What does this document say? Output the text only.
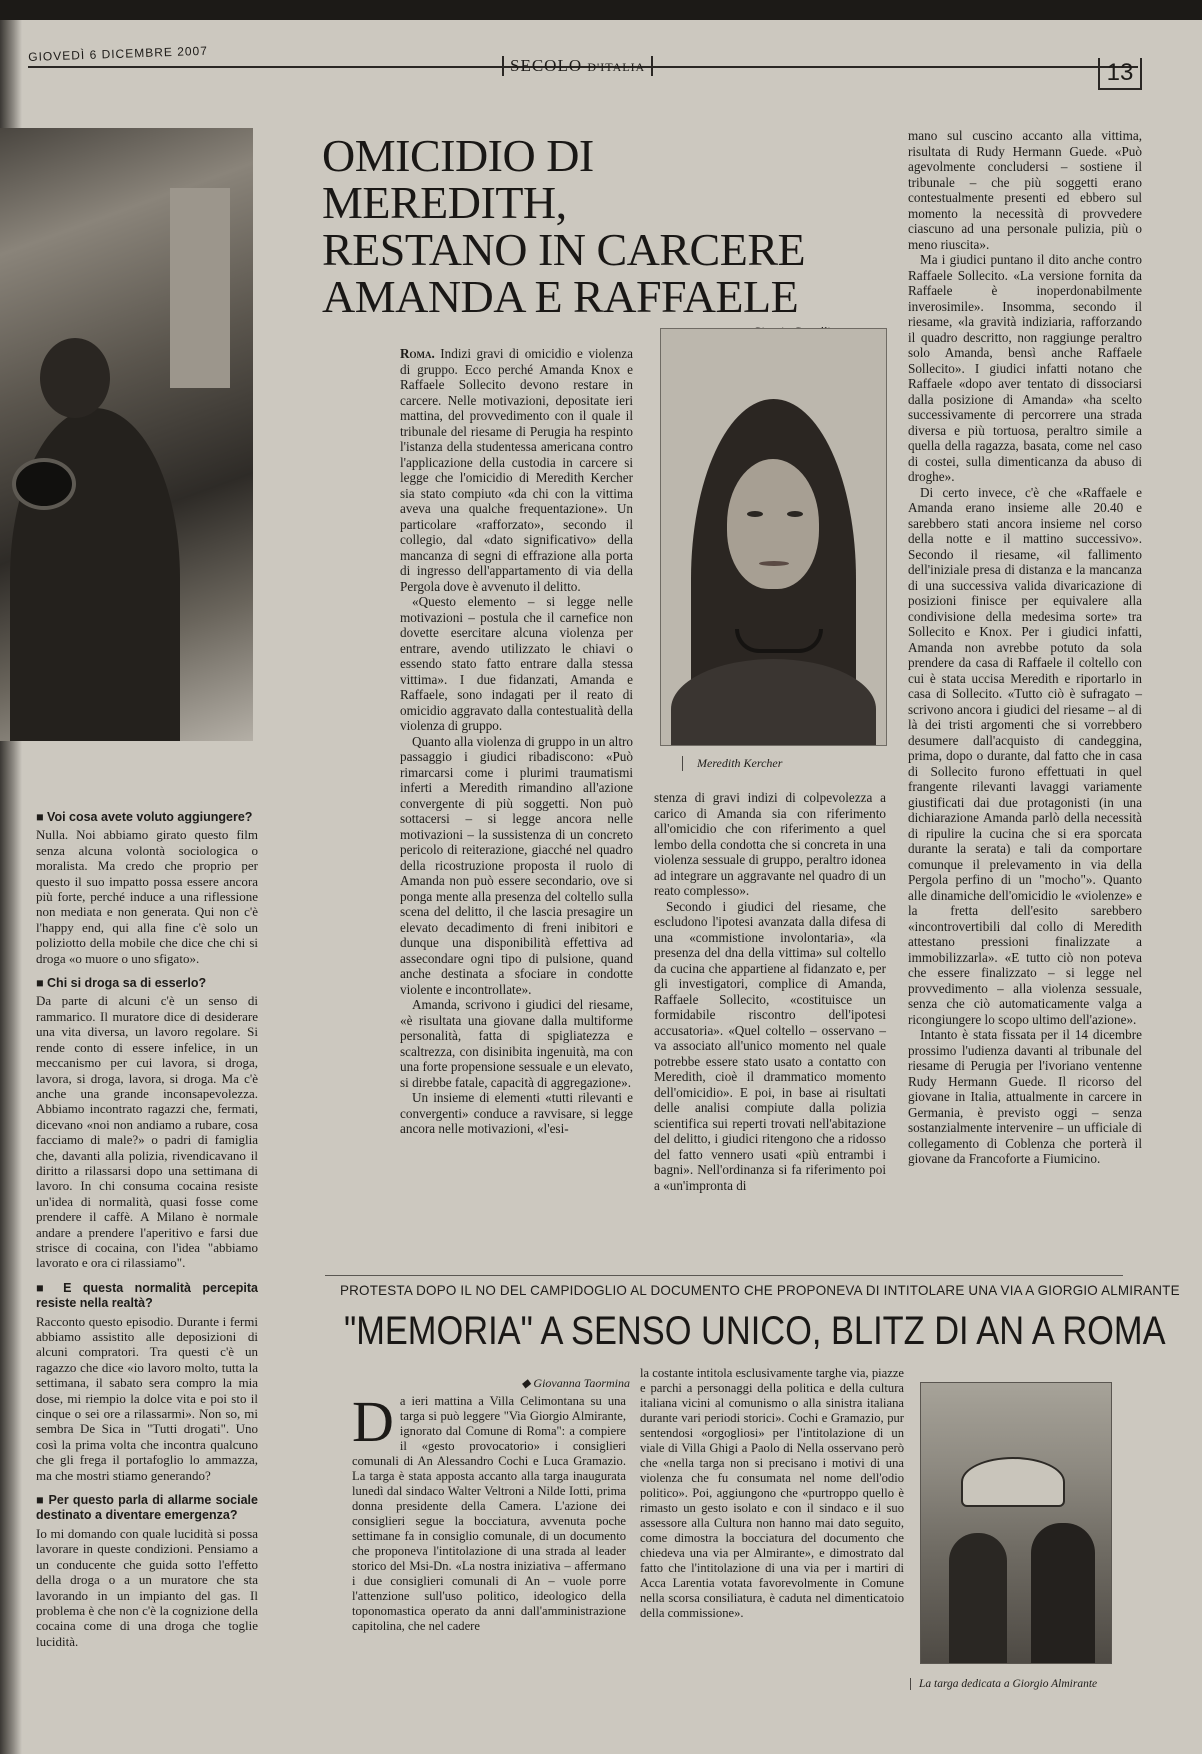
GIOVEDÌ 6 DICEMBRE 2007
SECOLO D'ITALIA	13
■ Voi cosa avete voluto aggiungere?

Nulla. Noi abbiamo girato questo film senza alcuna volontà sociologica o moralista. Ma credo che proprio per questo il suo impatto possa essere ancora più forte, perché induce a una riflessione non mediata e non generata. Qui non c'è l'happy end, qui alla fine c'è solo un poliziotto della mobile che dice che chi si droga «o muore o uno sfigato».

■ Chi si droga sa di esserlo?

Da parte di alcuni c'è un senso di rammarico. Il muratore dice di desiderare una vita diversa, un lavoro regolare. Si rende conto di essere infelice, in un meccanismo per cui lavora, si droga, lavora, si droga, lavora, si droga. Ma c'è anche una grande inconsapevolezza. Abbiamo incontrato ragazzi che, fermati, dicevano «noi non andiamo a rubare, cosa facciamo di male?» o padri di famiglia che, davanti alla polizia, rivendicavano il diritto a rilassarsi dopo una settimana di lavoro. In chi consuma cocaina resiste un'idea di normalità, quasi fosse come prendere il caffè. A Milano è normale andare a prendere l'aperitivo e farsi due strisce di cocaina, con l'idea "abbiamo lavorato e ora ci rilassiamo".

■ E questa normalità percepita resiste nella realtà?

Racconto questo episodio. Durante i fermi abbiamo assistito alle deposizioni di alcuni compratori. Tra questi c'è un ragazzo che dice «io lavoro molto, tutta la settimana, il sabato sera compro la mia dose, mi riempio la dolce vita e poi sto il cinque o sei ore a rilassarmi». Non so, mi sembra De Sica in "Tutti drogati". Uno così la prima volta che incontra qualcuno che gli frega il portafoglio lo ammazza, ma che mostri stiamo generando?

■ Per questo parla di allarme sociale destinato a diventare emergenza?

Io mi domando con quale lucidità si possa lavorare in queste condizioni. Pensiamo a un conducente che guida sotto l'effetto della droga o a un muratore che sta lavorando in un impianto del gas. Il problema è che non c'è la cognizione della cocaina come di una droga che toglie lucidità.

OMICIDIO DI MEREDITH,
RESTANO IN CARCERE
AMANDA E RAFFAELE

Roma. Indizi gravi di omicidio e violenza di gruppo. Ecco perché Amanda Knox e Raffaele Sollecito devono restare in carcere. Nelle motivazioni, depositate ieri mattina, del provvedimento con il quale il tribunale del riesame di Perugia ha respinto l'istanza della studentessa americana contro l'applicazione della custodia in carcere si legge che l'omicidio di Meredith Kercher sia stato compiuto «da chi con la vittima aveva una qualche frequentazione». Un particolare «rafforzato», secondo il collegio, dal «dato significativo» della mancanza di segni di effrazione alla porta di ingresso dell'appartamento di via della Pergola dove è avvenuto il delitto.

«Questo elemento – si legge nelle motivazioni – postula che il carnefice non dovette esercitare alcuna violenza per entrare, avendo utilizzato le chiavi o essendo stato fatto entrare dalla stessa vittima». I due fidanzati, Amanda e Raffaele, sono indagati per il reato di omicidio aggravato dalla contestualità della violenza di gruppo.

Quanto alla violenza di gruppo in un altro passaggio i giudici ribadiscono: «Può rimarcarsi come i plurimi traumatismi inferti a Meredith rimandino all'azione convergente di più soggetti. Non può sottacersi – si legge ancora nelle motivazioni – la sussistenza di un concreto pericolo di reiterazione, giacché nel quadro della ricostruzione proposta il ruolo di Amanda non può essere secondario, ove si ponga mente alla presenza del coltello sulla scena del delitto, il che lascia presagire un elevato decadimento di freni inibitori e dunque una disponibilità effettiva ad assecondare ogni tipo di pulsione, quand anche destinata a sfociare in condotte violente e incontrollate».

Amanda, scrivono i giudici del riesame, «è risultata una giovane dalla multiforme personalità, fatta di spigliatezza e scaltrezza, con disinibita ingenuità, ma con una forte propensione sessuale e un elevato, si direbbe fatale, capacità di aggregazione».

Un insieme di elementi «tutti rilevanti e convergenti» conduce a ravvisare, si legge ancora nelle motivazioni, «l'esi-

Meredith Kercher

stenza di gravi indizi di colpevolezza a carico di Amanda sia con riferimento all'omicidio che con riferimento a quel lembo della condotta che si concreta in una violenza sessuale di gruppo, peraltro idonea ad integrare un aggravante nel quadro di un reato complesso».

Secondo i giudici del riesame, che escludono l'ipotesi avanzata dalla difesa di una «commistione involontaria», «la presenza del dna della vittima» sul coltello da cucina che appartiene al fidanzato e, per gli investigatori, complice di Amanda, Raffaele Sollecito, «costituisce un formidabile riscontro dell'ipotesi accusatoria». «Quel coltello – osservano – va associato all'unico momento nel quale potrebbe essere stato usato a contatto con Meredith, cioè il drammatico momento dell'omicidio». E poi, in base ai risultati delle analisi compiute dalla polizia scientifica sui reperti trovati nell'abitazione del delitto, i giudici ritengono che a ridosso del fatto vennero usati «più entrambi i bagni». Nell'ordinanza si fa riferimento poi a «un'impronta di

mano sul cuscino accanto alla vittima, risultata di Rudy Hermann Guede. «Può agevolmente concludersi – sostiene il tribunale – che più soggetti erano contestualmente presenti ed ebbero sul momento la necessità di provvedere ciascuno ad una personale pulizia, più o meno riuscita».

Ma i giudici puntano il dito anche contro Raffaele Sollecito. «La versione fornita da Raffaele è inoperdonabilmente inverosimile». Insomma, secondo il riesame, «la gravità indiziaria, rafforzando il quadro descritto, non raggiunge peraltro solo Amanda, bensì anche Raffaele Sollecito». I giudici infatti notano che Raffaele «dopo aver tentato di dissociarsi dalla posizione di Amanda» «ha scelto successivamente di percorrere una strada diversa e più tortuosa, peraltro simile a quella della ragazza, basata, come nel caso di costei, sulla dimenticanza da abuso di droghe».

Di certo invece, c'è che «Raffaele e Amanda erano insieme alle 20.40 e sarebbero stati ancora insieme nel corso della notte e il mattino successivo». Secondo il riesame, «il fallimento dell'iniziale presa di distanza e la mancanza di una successiva valida divaricazione di posizioni finisce per equivalere alla condivisione della medesima sorte» tra Sollecito e Knox. Per i giudici infatti, Amanda non avrebbe potuto da sola prendere da casa di Raffaele il coltello con cui è stata uccisa Meredith e riportarlo in casa di Sollecito. «Tutto ciò è sufragato – scrivono ancora i giudici del riesame – al di là dei tristi argomenti che si vorrebbero desumere dall'acquisto di candeggina, prima, dopo o durante, dal fatto che in casa di Sollecito furono effettuati in quel frangente rilevanti lavaggi variamente giustificati dai due protagonisti (in una dichiarazione Amanda parlò della necessità di ripulire la cucina che si era sporcata durante la serata) e tali da comportare comunque il prelevamento in via della Pergola perfino di un "mocho"». Quanto alle dinamiche dell'omicidio le «violenze» e la fretta dell'esito sarebbero «incontrovertibili dal collo di Meredith attestano pressioni finalizzate a immobilizzarla». «E tutto ciò non poteva che essere finalizzato – si legge nel provvedimento – alla violenza sessuale, senza che ciò automaticamente valga a ricongiungere lo scopo ultimo dell'azione».

Intanto è stata fissata per il 14 dicembre prossimo l'udienza davanti al tribunale del riesame di Perugia per l'ivoriano ventenne Rudy Hermann Guede. Il ricorso del giovane in Italia, attualmente in carcere in Germania, è previsto oggi – senza sostanzialmente intervenire – un ufficiale di collegamento di Coblenza che porterà il giovane da Francoforte a Fiumicino.

PROTESTA DOPO IL NO DEL CAMPIDOGLIO AL DOCUMENTO CHE PROPONEVA DI INTITOLARE UNA VIA A GIORGIO ALMIRANTE
"MEMORIA" A SENSO UNICO, BLITZ DI AN A ROMA
◆ Giovanna Taormina

Da ieri mattina a Villa Celimontana su una targa si può leggere "Via Giorgio Almirante, ignorato dal Comune di Roma": a compiere il «gesto provocatorio» i consiglieri comunali di An Alessandro Cochi e Luca Gramazio. La targa è stata apposta accanto alla targa inaugurata lunedì dal sindaco Walter Veltroni a Nilde Iotti, prima donna presidente della Camera. L'azione dei consiglieri segue la bocciatura, avvenuta poche settimane fa in consiglio comunale, di un documento che proponeva l'intitolazione di una strada al leader storico del Msi-Dn. «La nostra iniziativa – affermano i due consiglieri comunali di An – vuole porre l'attenzione sull'uso politico, ideologico della toponomastica operato da anni dall'amministrazione capitolina, che nel cadere

la costante intitola esclusivamente targhe via, piazze e parchi a personaggi della politica e della cultura italiana vicini al comunismo o alla sinistra italiana durante vari periodi storici». Cochi e Gramazio, pur sentendosi «orgogliosi» per l'intitolazione di un viale di Villa Ghigi a Paolo di Nella osservano però che «nella targa non si precisano i motivi di una violenza che fu consumata nel nome dell'odio politico». Poi, aggiungono che «purtroppo quello è rimasto un gesto isolato e con il sindaco e il suo assessore alla Cultura non hanno mai dato seguito, come dimostra la bocciatura del documento che chiedeva una via per Almirante», e dimostrato dal fatto che l'intitolazione di una via per i martiri di Acca Larentia votata favorevolmente in Comune nella scorsa consiliatura, è caduta nel dimenticatoio della commissione».

La targa dedicata a Giorgio Almirante
